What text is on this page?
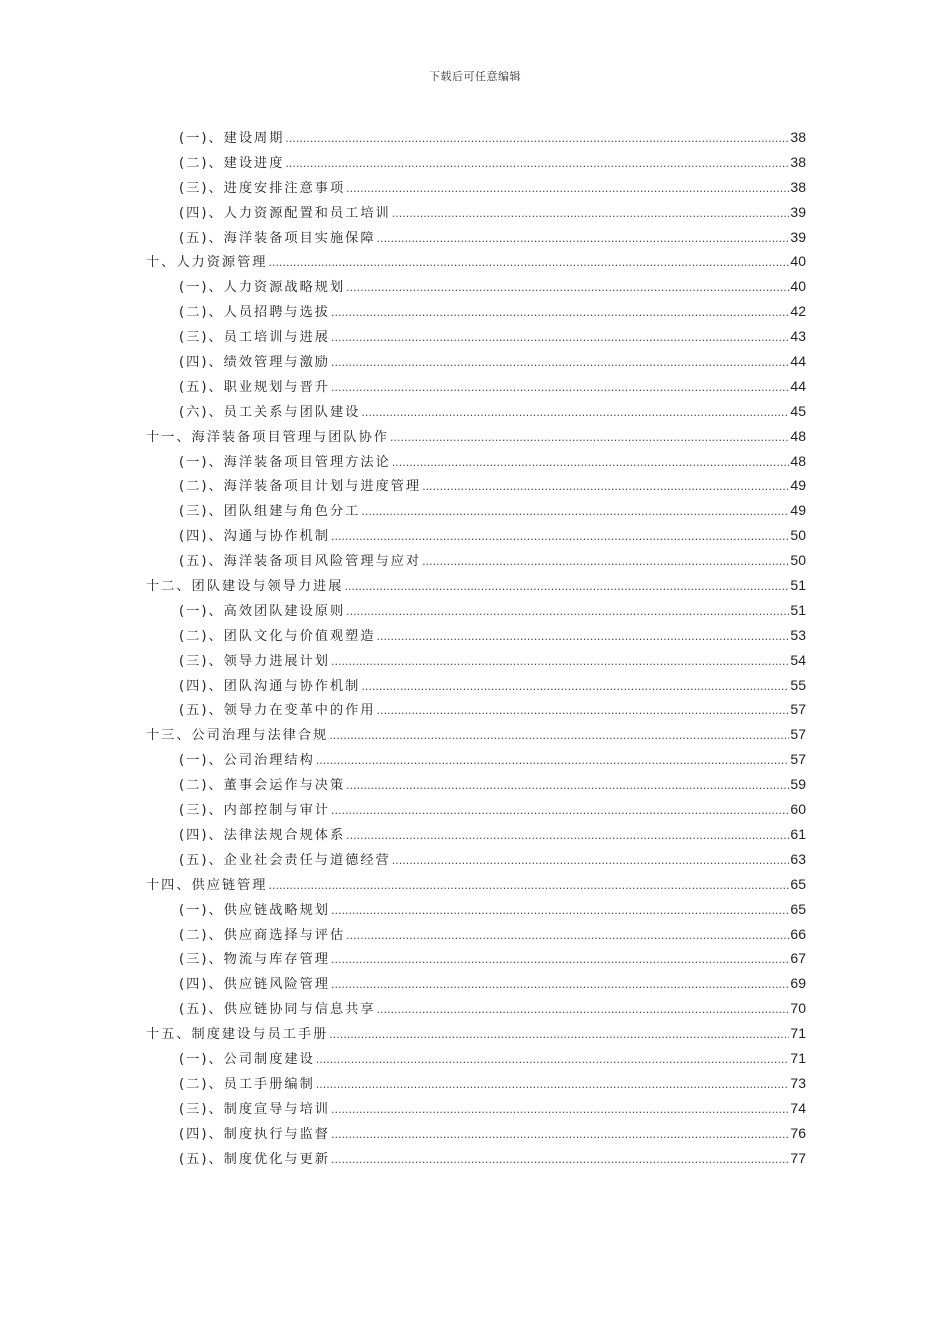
下载后可任意编辑
(一)、建设周期 .....	38
(二)、建设进度 .....	38
(三)、进度安排注意事项 .....	38
(四)、人力资源配置和员工培训 .....	39
(五)、海洋装备项目实施保障 .....	39
十、人力资源管理 .....	40
(一)、人力资源战略规划 .....	40
(二)、人员招聘与选拔 .....	42
(三)、员工培训与进展 .....	43
(四)、绩效管理与激励 .....	44
(五)、职业规划与晋升 .....	44
(六)、员工关系与团队建设 .....	45
十一、海洋装备项目管理与团队协作 .....	48
(一)、海洋装备项目管理方法论 .....	48
(二)、海洋装备项目计划与进度管理 .....	49
(三)、团队组建与角色分工 .....	49
(四)、沟通与协作机制 .....	50
(五)、海洋装备项目风险管理与应对 .....	50
十二、团队建设与领导力进展 .....	51
(一)、高效团队建设原则 .....	51
(二)、团队文化与价值观塑造 .....	53
(三)、领导力进展计划 .....	54
(四)、团队沟通与协作机制 .....	55
(五)、领导力在变革中的作用 .....	57
十三、公司治理与法律合规 .....	57
(一)、公司治理结构 .....	57
(二)、董事会运作与决策 .....	59
(三)、内部控制与审计 .....	60
(四)、法律法规合规体系 .....	61
(五)、企业社会责任与道德经营 .....	63
十四、供应链管理 .....	65
(一)、供应链战略规划 .....	65
(二)、供应商选择与评估 .....	66
(三)、物流与库存管理 .....	67
(四)、供应链风险管理 .....	69
(五)、供应链协同与信息共享 .....	70
十五、制度建设与员工手册 .....	71
(一)、公司制度建设 .....	71
(二)、员工手册编制 .....	73
(三)、制度宣导与培训 .....	74
(四)、制度执行与监督 .....	76
(五)、制度优化与更新 .....	77
